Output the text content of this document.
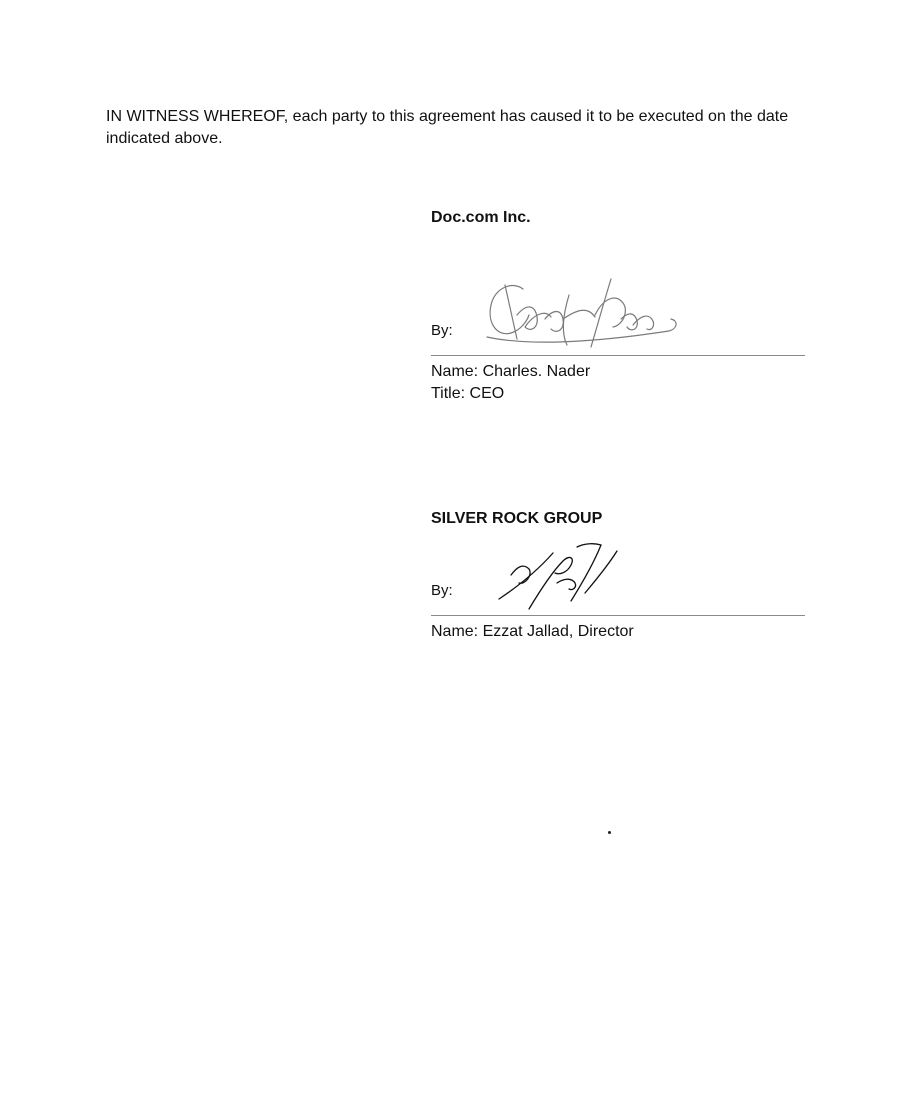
IN WITNESS WHEREOF, each party to this agreement has caused it to be executed on the date indicated above.

Doc.com Inc.
By:
Name: Charles. Nader
Title: CEO
SILVER ROCK GROUP
By:
Name: Ezzat Jallad, Director
